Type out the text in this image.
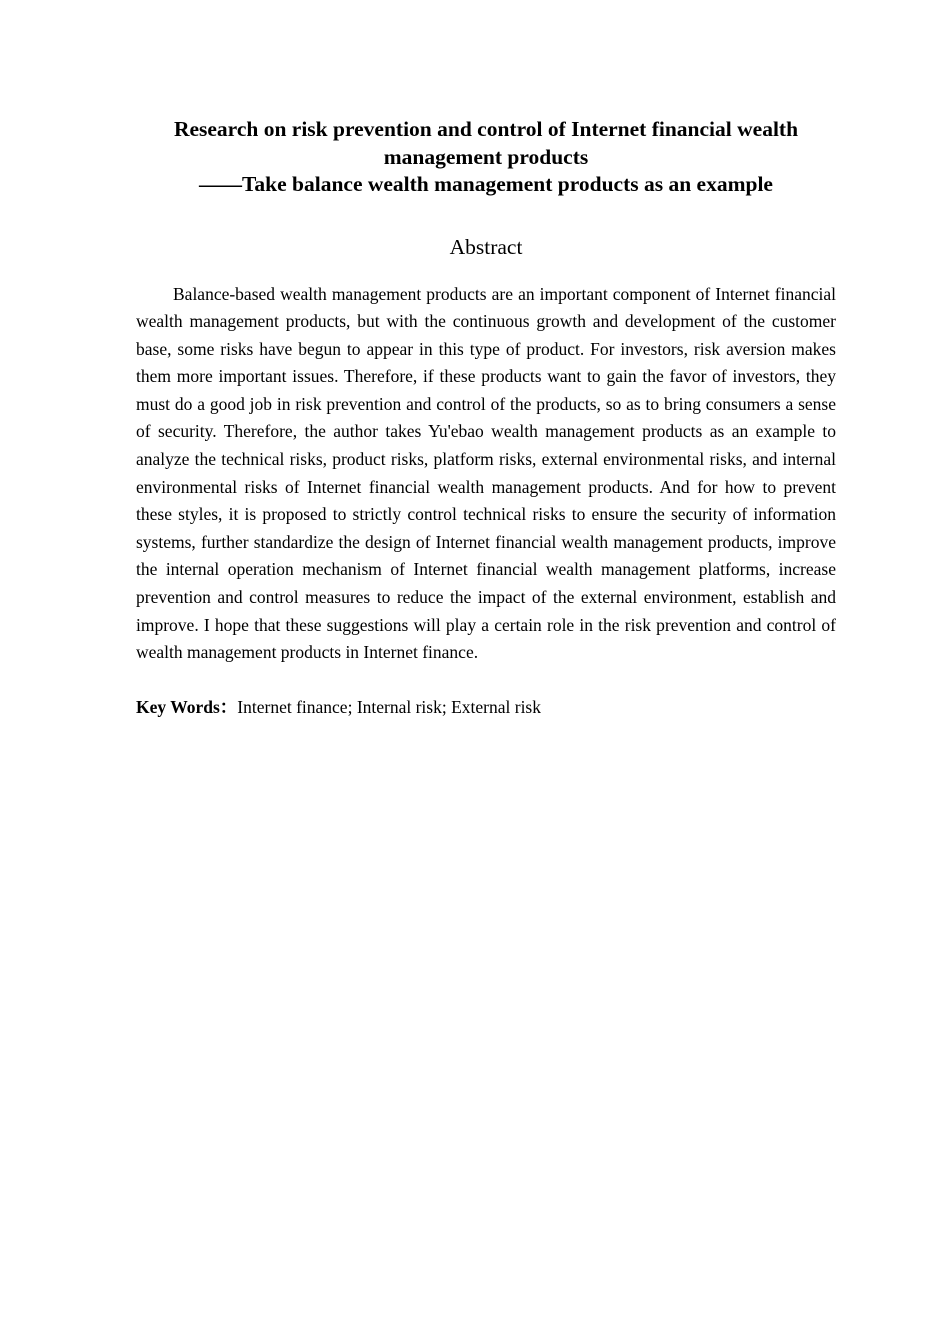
Research on risk prevention and control of Internet financial wealth
management products
——Take balance wealth management products as an example
Abstract

Balance-based wealth management products are an important component of Internet financial wealth management products, but with the continuous growth and development of the customer base, some risks have begun to appear in this type of product. For investors, risk aversion makes them more important issues. Therefore, if these products want to gain the favor of investors, they must do a good job in risk prevention and control of the products, so as to bring consumers a sense of security. Therefore, the author takes Yu'ebao wealth management products as an example to analyze the technical risks, product risks, platform risks, external environmental risks, and internal environmental risks of Internet financial wealth management products. And for how to prevent these styles, it is proposed to strictly control technical risks to ensure the security of information systems, further standardize the design of Internet financial wealth management products, improve the internal operation mechanism of Internet financial wealth management platforms, increase prevention and control measures to reduce the impact of the external environment, establish and improve. I hope that these suggestions will play a certain role in the risk prevention and control of wealth management products in Internet finance.

Key Words：Internet finance; Internal risk; External risk
